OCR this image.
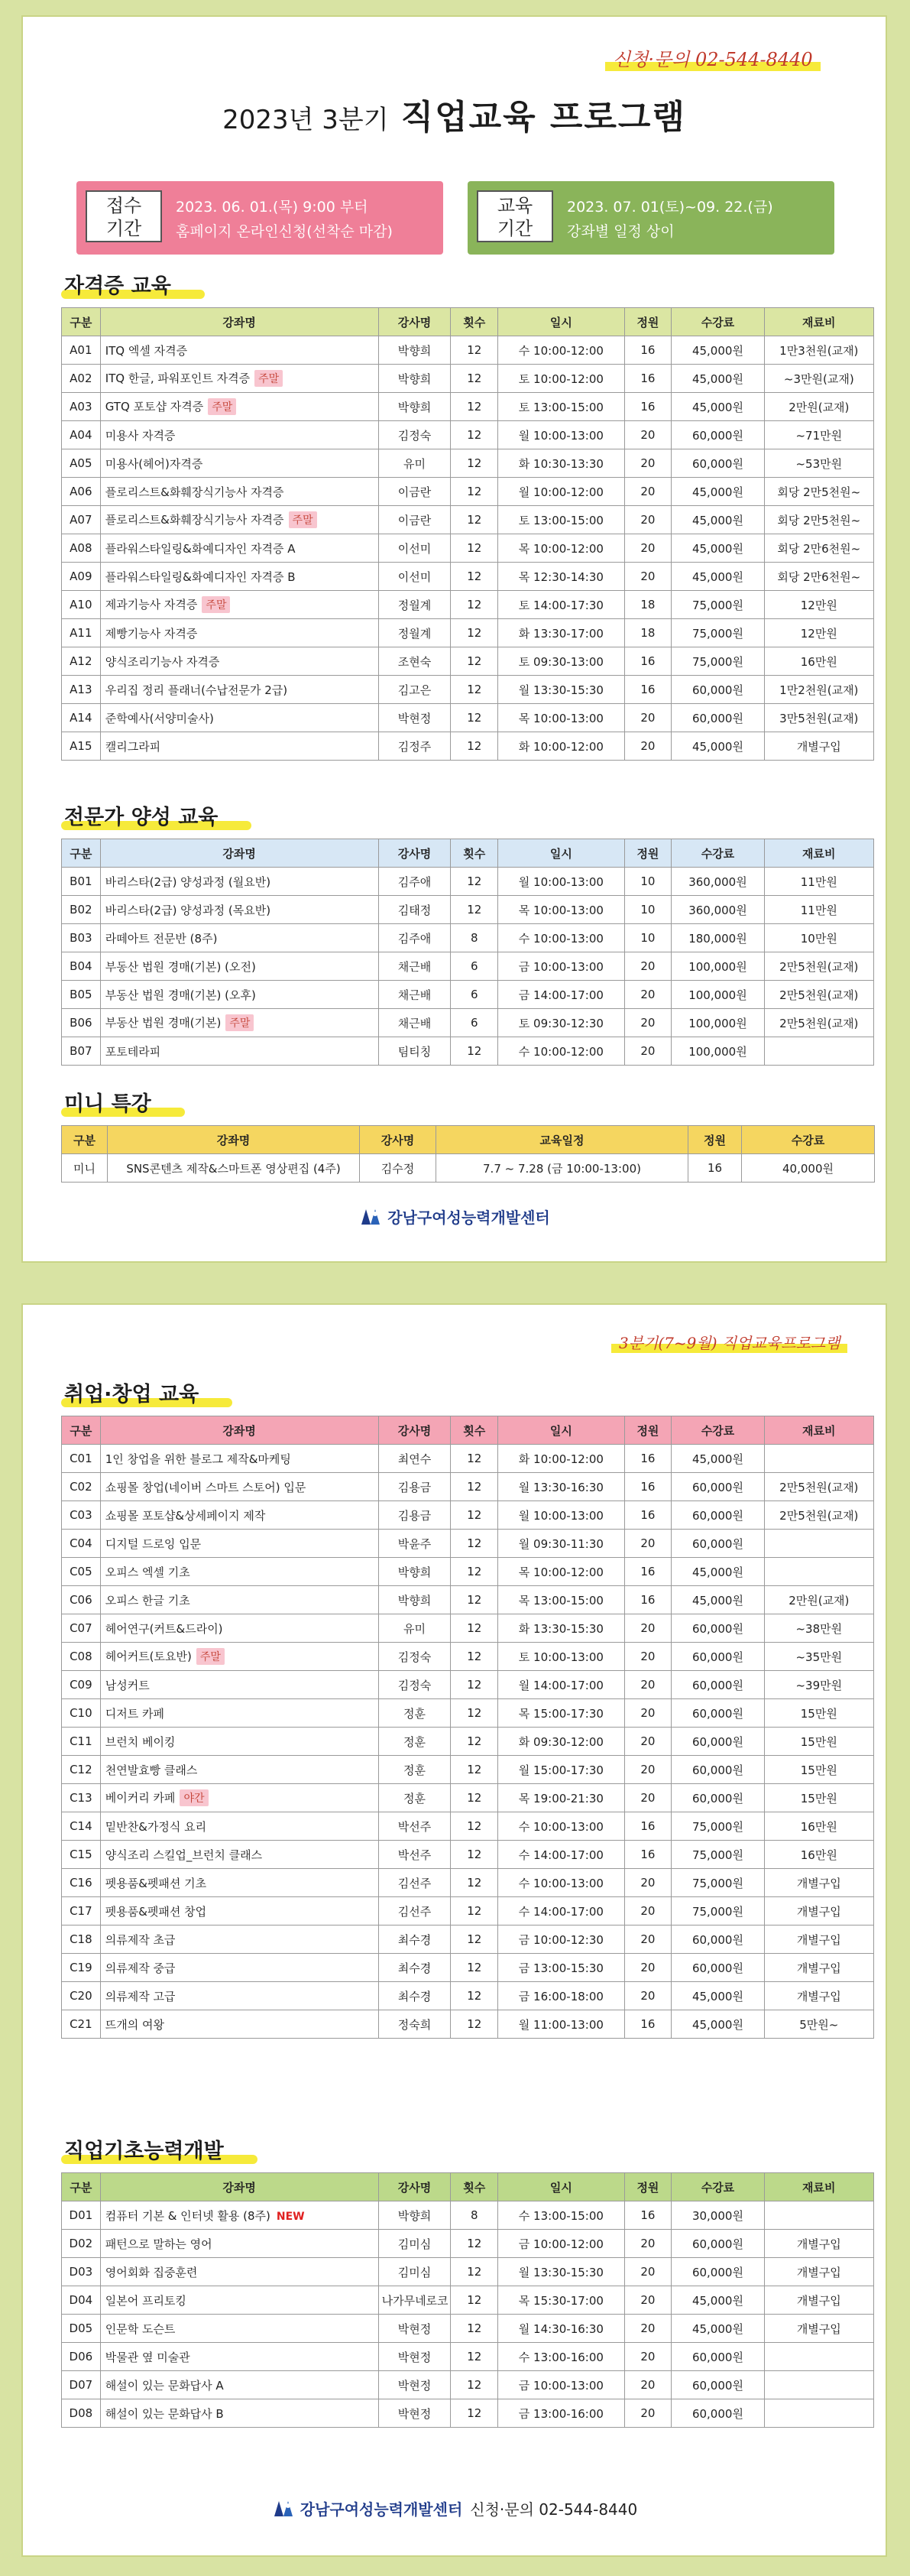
신청·문의 02-544-8440
2023년 3분기 직업교육 프로그램
접수
기간
2023. 06. 01.(목) 9:00 부터
홈페이지 온라인신청(선착순 마감)
교육
기간
2023. 07. 01(토)~09. 22.(금)
강좌별 일정 상이
자격증 교육
구분	강좌명	강사명	횟수	일시	정원	수강료	재료비
A01	ITQ 엑셀 자격증	박향희	12	수 10:00-12:00	16	45,000원	1만3천원(교재)
A02	ITQ 한글, 파워포인트 자격증 주말	박향희	12	토 10:00-12:00	16	45,000원	~3만원(교재)
A03	GTQ 포토샵 자격증 주말	박향희	12	토 13:00-15:00	16	45,000원	2만원(교재)
A04	미용사 자격증	김정숙	12	월 10:00-13:00	20	60,000원	~71만원
A05	미용사(헤어)자격증	유미	12	화 10:30-13:30	20	60,000원	~53만원
A06	플로리스트&화훼장식기능사 자격증	이금란	12	월 10:00-12:00	20	45,000원	회당 2만5천원~
A07	플로리스트&화훼장식기능사 자격증 주말	이금란	12	토 13:00-15:00	20	45,000원	회당 2만5천원~
A08	플라워스타일링&화예디자인 자격증 A	이선미	12	목 10:00-12:00	20	45,000원	회당 2만6천원~
A09	플라워스타일링&화예디자인 자격증 B	이선미	12	목 12:30-14:30	20	45,000원	회당 2만6천원~
A10	제과기능사 자격증 주말	정월계	12	토 14:00-17:30	18	75,000원	12만원
A11	제빵기능사 자격증	정월계	12	화 13:30-17:00	18	75,000원	12만원
A12	양식조리기능사 자격증	조현숙	12	토 09:30-13:00	16	75,000원	16만원
A13	우리집 정리 플래너(수납전문가 2급)	김고은	12	월 13:30-15:30	16	60,000원	1만2천원(교재)
A14	준학예사(서양미술사)	박현정	12	목 10:00-13:00	20	60,000원	3만5천원(교재)
A15	캘리그라피	김정주	12	화 10:00-12:00	20	45,000원	개별구입
전문가 양성 교육
구분	강좌명	강사명	횟수	일시	정원	수강료	재료비
B01	바리스타(2급) 양성과정 (월요반)	김주애	12	월 10:00-13:00	10	360,000원	11만원
B02	바리스타(2급) 양성과정 (목요반)	김태정	12	목 10:00-13:00	10	360,000원	11만원
B03	라떼아트 전문반 (8주)	김주애	8	수 10:00-13:00	10	180,000원	10만원
B04	부동산 법원 경매(기본) (오전)	채근배	6	금 10:00-13:00	20	100,000원	2만5천원(교재)
B05	부동산 법원 경매(기본) (오후)	채근배	6	금 14:00-17:00	20	100,000원	2만5천원(교재)
B06	부동산 법원 경매(기본) 주말	채근배	6	토 09:30-12:30	20	100,000원	2만5천원(교재)
B07	포토테라피	팀티칭	12	수 10:00-12:00	20	100,000원	
미니 특강
구분	강좌명	강사명	교육일정	정원	수강료
미니	SNS콘텐츠 제작&스마트폰 영상편집 (4주)	김수정	7.7 ~ 7.28 (금 10:00-13:00)	16	40,000원
강남구여성능력개발센터
3분기(7~9월) 직업교육프로그램
취업·창업 교육
구분	강좌명	강사명	횟수	일시	정원	수강료	재료비
C01	1인 창업을 위한 블로그 제작&마케팅	최연수	12	화 10:00-12:00	16	45,000원	
C02	쇼핑몰 창업(네이버 스마트 스토어) 입문	김용금	12	월 13:30-16:30	16	60,000원	2만5천원(교재)
C03	쇼핑몰 포토샵&상세페이지 제작	김용금	12	월 10:00-13:00	16	60,000원	2만5천원(교재)
C04	디지털 드로잉 입문	박윤주	12	월 09:30-11:30	20	60,000원	
C05	오피스 엑셀 기초	박향희	12	목 10:00-12:00	16	45,000원	
C06	오피스 한글 기초	박향희	12	목 13:00-15:00	16	45,000원	2만원(교재)
C07	헤어연구(커트&드라이)	유미	12	화 13:30-15:30	20	60,000원	~38만원
C08	헤어커트(토요반) 주말	김정숙	12	토 10:00-13:00	20	60,000원	~35만원
C09	남성커트	김정숙	12	월 14:00-17:00	20	60,000원	~39만원
C10	디저트 카페	정훈	12	목 15:00-17:30	20	60,000원	15만원
C11	브런치 베이킹	정훈	12	화 09:30-12:00	20	60,000원	15만원
C12	천연발효빵 클래스	정훈	12	월 15:00-17:30	20	60,000원	15만원
C13	베이커리 카페 야간	정훈	12	목 19:00-21:30	20	60,000원	15만원
C14	밑반찬&가정식 요리	박선주	12	수 10:00-13:00	16	75,000원	16만원
C15	양식조리 스킬업_브런치 클래스	박선주	12	수 14:00-17:00	16	75,000원	16만원
C16	펫용품&펫패션 기초	김선주	12	수 10:00-13:00	20	75,000원	개별구입
C17	펫용품&펫패션 창업	김선주	12	수 14:00-17:00	20	75,000원	개별구입
C18	의류제작 초급	최수경	12	금 10:00-12:30	20	60,000원	개별구입
C19	의류제작 중급	최수경	12	금 13:00-15:30	20	60,000원	개별구입
C20	의류제작 고급	최수경	12	금 16:00-18:00	20	45,000원	개별구입
C21	뜨개의 여왕	정숙희	12	월 11:00-13:00	16	45,000원	5만원~
직업기초능력개발
구분	강좌명	강사명	횟수	일시	정원	수강료	재료비
D01	컴퓨터 기본 & 인터넷 활용 (8주) NEW	박향희	8	수 13:00-15:00	16	30,000원	
D02	패턴으로 말하는 영어	김미심	12	금 10:00-12:00	20	60,000원	개별구입
D03	영어회화 집중훈련	김미심	12	월 13:30-15:30	20	60,000원	개별구입
D04	일본어 프리토킹	나가무네로코	12	목 15:30-17:00	20	45,000원	개별구입
D05	인문학 도슨트	박현정	12	월 14:30-16:30	20	45,000원	개별구입
D06	박물관 옆 미술관	박현정	12	수 13:00-16:00	20	60,000원	
D07	해설이 있는 문화답사 A	박현정	12	금 10:00-13:00	20	60,000원	
D08	해설이 있는 문화답사 B	박현정	12	금 13:00-16:00	20	60,000원	
강남구여성능력개발센터 신청·문의 02-544-8440
